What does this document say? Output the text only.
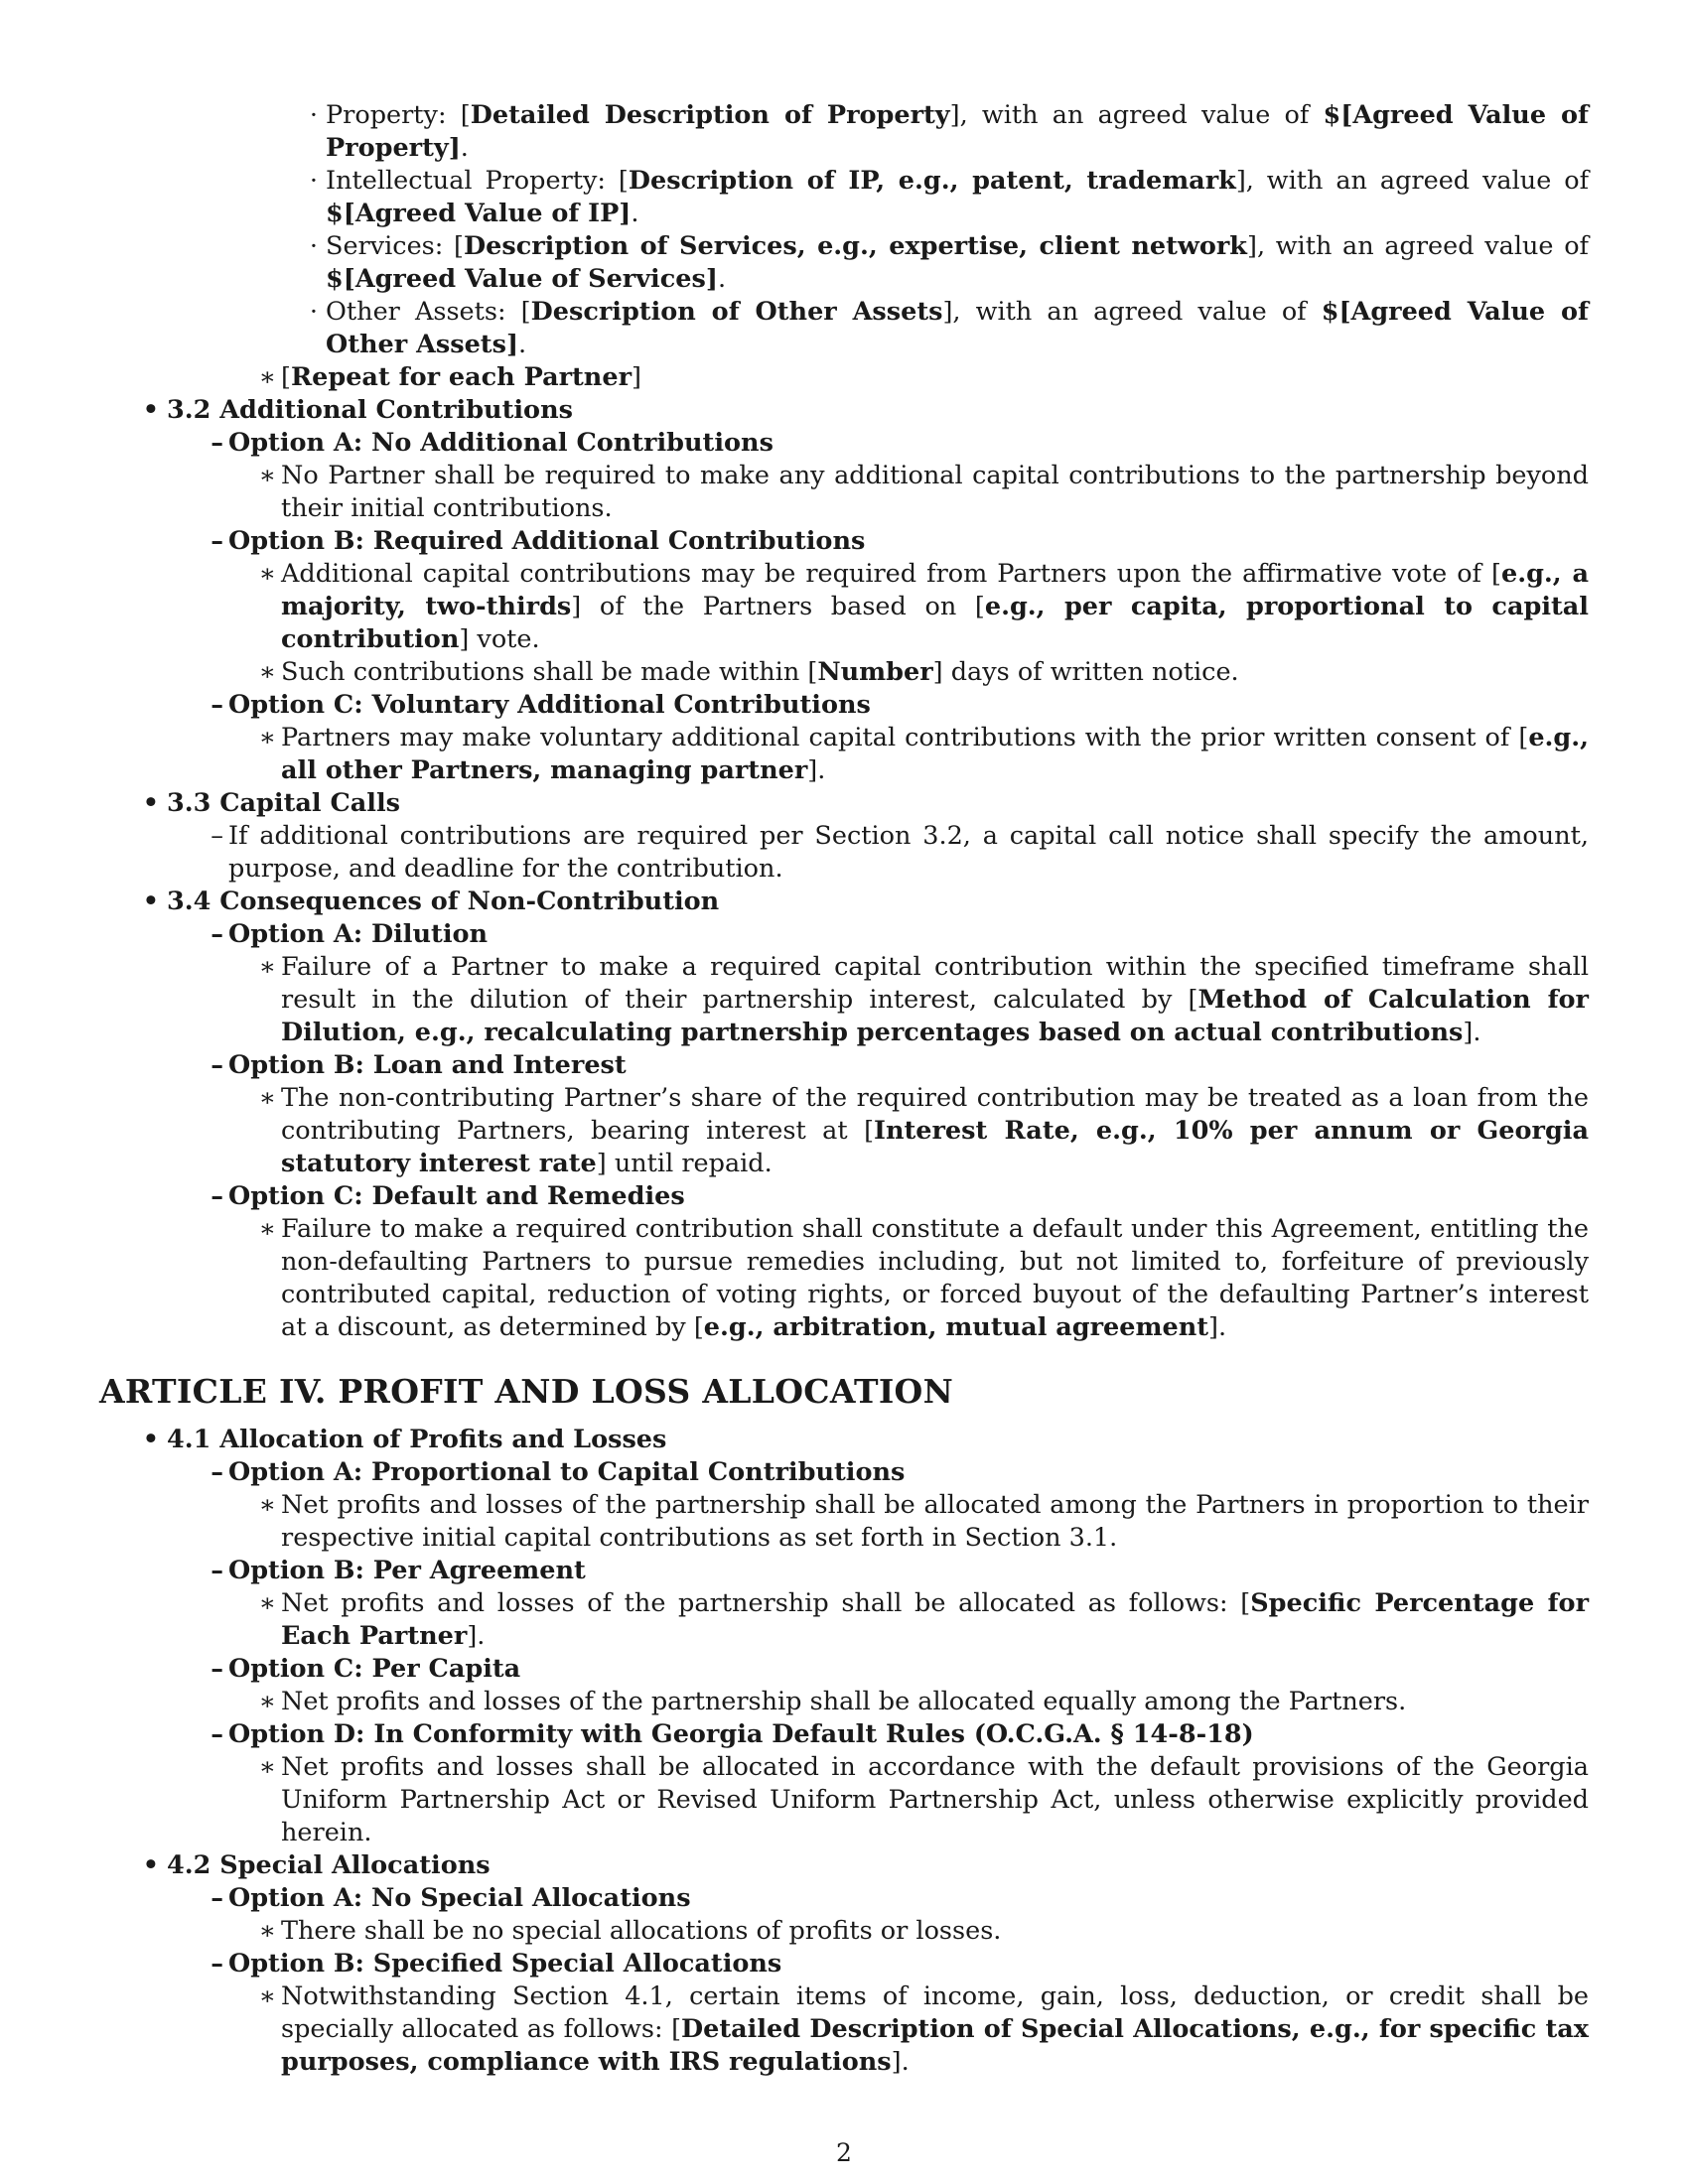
· Property: [Detailed Description of Property], with an agreed value of $[Agreed Value of Property].
· Intellectual Property: [Description of IP, e.g., patent, trademark], with an agreed value of $[Agreed Value of IP].
· Services: [Description of Services, e.g., expertise, client network], with an agreed value of $[Agreed Value of Services].
· Other Assets: [Description of Other Assets], with an agreed value of $[Agreed Value of Other Assets].
∗ [Repeat for each Partner]
• 3.2 Additional Contributions
– Option A: No Additional Contributions
∗ No Partner shall be required to make any additional capital contributions to the partnership beyond their initial contributions.
– Option B: Required Additional Contributions
∗ Additional capital contributions may be required from Partners upon the affirmative vote of [e.g., a majority, two-thirds] of the Partners based on [e.g., per capita, proportional to capital contribution] vote.
∗ Such contributions shall be made within [Number] days of written notice.
– Option C: Voluntary Additional Contributions
∗ Partners may make voluntary additional capital contributions with the prior written consent of [e.g., all other Partners, managing partner].
• 3.3 Capital Calls
– If additional contributions are required per Section 3.2, a capital call notice shall specify the amount, purpose, and deadline for the contribution.
• 3.4 Consequences of Non-Contribution
– Option A: Dilution
∗ Failure of a Partner to make a required capital contribution within the specified timeframe shall result in the dilution of their partnership interest, calculated by [Method of Calculation for Dilution, e.g., recalculating partnership percentages based on actual contributions].
– Option B: Loan and Interest
∗ The non-contributing Partner’s share of the required contribution may be treated as a loan from the contributing Partners, bearing interest at [Interest Rate, e.g., 10% per annum or Georgia statutory interest rate] until repaid.
– Option C: Default and Remedies
∗ Failure to make a required contribution shall constitute a default under this Agreement, entitling the non-defaulting Partners to pursue remedies including, but not limited to, forfeiture of previously contributed capital, reduction of voting rights, or forced buyout of the defaulting Partner’s interest at a discount, as determined by [e.g., arbitration, mutual agreement].
ARTICLE IV. PROFIT AND LOSS ALLOCATION
• 4.1 Allocation of Profits and Losses
– Option A: Proportional to Capital Contributions
∗ Net profits and losses of the partnership shall be allocated among the Partners in proportion to their respective initial capital contributions as set forth in Section 3.1.
– Option B: Per Agreement
∗ Net profits and losses of the partnership shall be allocated as follows: [Specific Percentage for Each Partner].
– Option C: Per Capita
∗ Net profits and losses of the partnership shall be allocated equally among the Partners.
– Option D: In Conformity with Georgia Default Rules (O.C.G.A. § 14-8-18)
∗ Net profits and losses shall be allocated in accordance with the default provisions of the Georgia Uniform Partnership Act or Revised Uniform Partnership Act, unless otherwise explicitly provided herein.
• 4.2 Special Allocations
– Option A: No Special Allocations
∗ There shall be no special allocations of profits or losses.
– Option B: Specified Special Allocations
∗ Notwithstanding Section 4.1, certain items of income, gain, loss, deduction, or credit shall be specially allocated as follows: [Detailed Description of Special Allocations, e.g., for specific tax purposes, compliance with IRS regulations].
2
